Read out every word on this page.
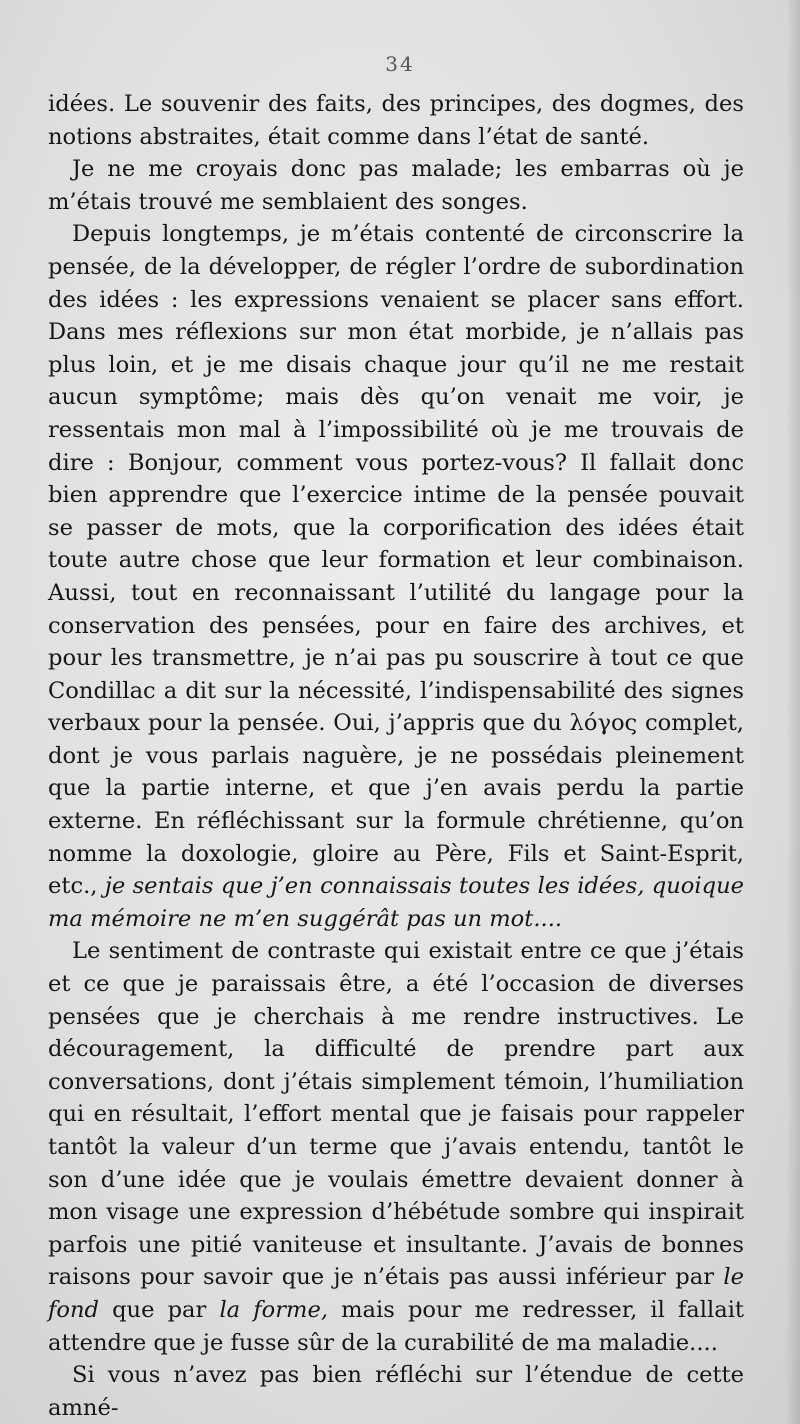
34

idées. Le souvenir des faits, des principes, des dogmes, des notions abstraites, était comme dans l’état de santé.

Je ne me croyais donc pas malade; les embarras où je m’étais trouvé me semblaient des songes.

Depuis longtemps, je m’étais contenté de circonscrire la pensée, de la développer, de régler l’ordre de subordination des idées : les expressions venaient se placer sans effort. Dans mes réflexions sur mon état morbide, je n’allais pas plus loin, et je me disais chaque jour qu’il ne me restait aucun symptôme; mais dès qu’on venait me voir, je ressentais mon mal à l’impossibilité où je me trouvais de dire : Bonjour, comment vous portez-vous? Il fallait donc bien apprendre que l’exercice intime de la pensée pouvait se passer de mots, que la corporification des idées était toute autre chose que leur formation et leur combinaison. Aussi, tout en reconnaissant l’utilité du langage pour la conservation des pensées, pour en faire des archives, et pour les transmettre, je n’ai pas pu souscrire à tout ce que Condillac a dit sur la nécessité, l’indispensabilité des signes verbaux pour la pensée. Oui, j’appris que du λόγος complet, dont je vous parlais naguère, je ne possédais pleinement que la partie interne, et que j’en avais perdu la partie externe. En réfléchissant sur la formule chrétienne, qu’on nomme la doxologie, gloire au Père, Fils et Saint-Esprit, etc., je sentais que j’en connaissais toutes les idées, quoique ma mémoire ne m’en suggérât pas un mot....

Le sentiment de contraste qui existait entre ce que j’étais et ce que je paraissais être, a été l’occasion de diverses pensées que je cherchais à me rendre instructives. Le découragement, la difficulté de prendre part aux conversations, dont j’étais simplement témoin, l’humiliation qui en résultait, l’effort mental que je faisais pour rappeler tantôt la valeur d’un terme que j’avais entendu, tantôt le son d’une idée que je voulais émettre devaient donner à mon visage une expression d’hébétude sombre qui inspirait parfois une pitié vaniteuse et insultante. J’avais de bonnes raisons pour savoir que je n’étais pas aussi inférieur par le fond que par la forme, mais pour me redresser, il fallait attendre que je fusse sûr de la curabilité de ma maladie....

Si vous n’avez pas bien réfléchi sur l’étendue de cette amné-
